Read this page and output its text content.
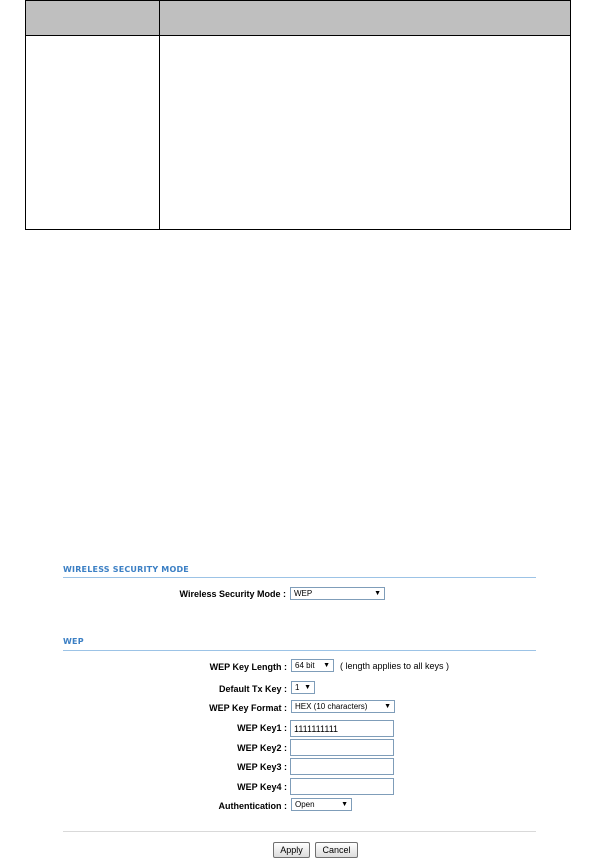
WIRELESS SECURITY MODE
Wireless Security Mode :	WEP	▼
WEP
WEP Key Length :	64 bit ▼ ( length applies to all keys )
Default Tx Key :	1 ▼
WEP Key Format :	HEX (10 characters) ▼
WEP Key1 : 1111111111
WEP Key2 :
WEP Key3 :
WEP Key4 :
Authentication :	Open	▼
Apply	Cancel
